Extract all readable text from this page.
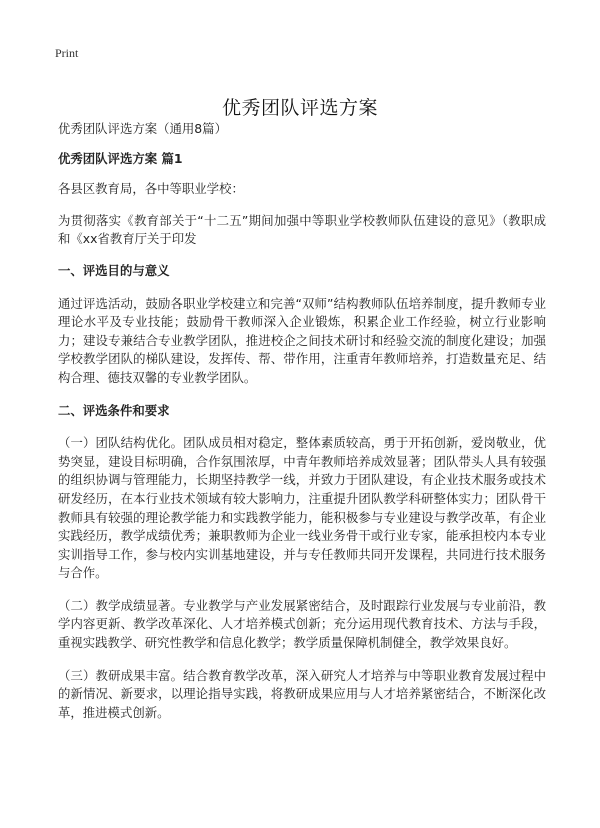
Print
优秀团队评选方案

优秀团队评选方案（通用8篇）

优秀团队评选方案 篇1

各县区教育局，各中等职业学校：

为贯彻落实《教育部关于“十二五”期间加强中等职业学校教师队伍建设的意见》（教职成和《xx省教育厅关于印发

一、评选目的与意义

通过评选活动，鼓励各职业学校建立和完善“双师”结构教师队伍培养制度，提升教师专业理论水平及专业技能；鼓励骨干教师深入企业锻炼，积累企业工作经验，树立行业影响力；建设专兼结合专业教学团队，推进校企之间技术研讨和经验交流的制度化建设；加强学校教学团队的梯队建设，发挥传、帮、带作用，注重青年教师培养，打造数量充足、结构合理、德技双馨的专业教学团队。

二、评选条件和要求

（一）团队结构优化。团队成员相对稳定，整体素质较高，勇于开拓创新，爱岗敬业，优势突显，建设目标明确，合作氛围浓厚，中青年教师培养成效显著；团队带头人具有较强的组织协调与管理能力，长期坚持教学一线，并致力于团队建设，有企业技术服务或技术研发经历，在本行业技术领域有较大影响力，注重提升团队教学科研整体实力；团队骨干教师具有较强的理论教学能力和实践教学能力，能积极参与专业建设与教学改革，有企业实践经历，教学成绩优秀；兼职教师为企业一线业务骨干或行业专家，能承担校内本专业实训指导工作，参与校内实训基地建设，并与专任教师共同开发课程，共同进行技术服务与合作。

（二）教学成绩显著。专业教学与产业发展紧密结合，及时跟踪行业发展与专业前沿，教学内容更新、教学改革深化、人才培养模式创新；充分运用现代教育技术、方法与手段，重视实践教学、研究性教学和信息化教学；教学质量保障机制健全，教学效果良好。

（三）教研成果丰富。结合教育教学改革，深入研究人才培养与中等职业教育发展过程中的新情况、新要求，以理论指导实践，将教研成果应用与人才培养紧密结合，不断深化改革，推进模式创新。
